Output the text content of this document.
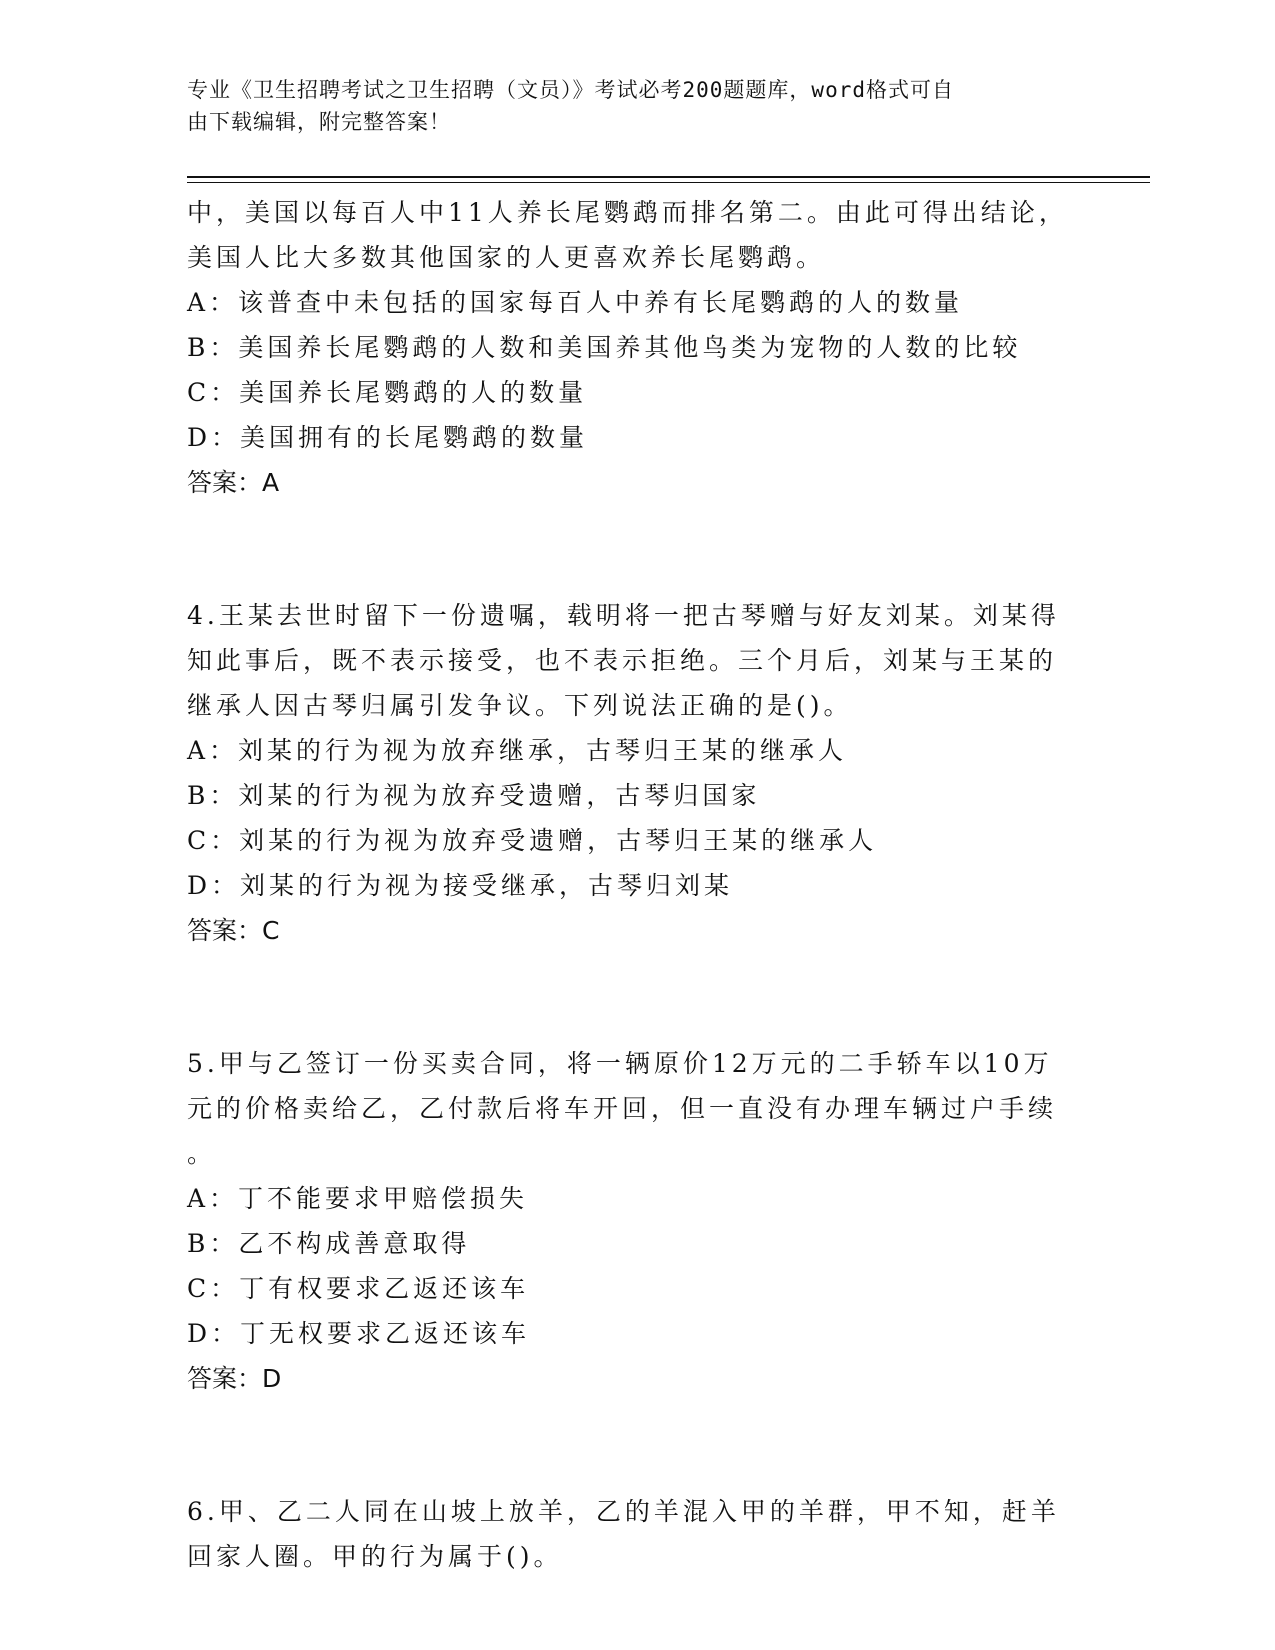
专业《卫生招聘考试之卫生招聘（文员）》考试必考200题题库，word格式可自
由下载编辑，附完整答案！
中，美国以每百人中11人养长尾鹦鹉而排名第二。由此可得出结论，
美国人比大多数其他国家的人更喜欢养长尾鹦鹉。
A：该普查中未包括的国家每百人中养有长尾鹦鹉的人的数量
B：美国养长尾鹦鹉的人数和美国养其他鸟类为宠物的人数的比较
C：美国养长尾鹦鹉的人的数量
D：美国拥有的长尾鹦鹉的数量
答案：A
4.王某去世时留下一份遗嘱，载明将一把古琴赠与好友刘某。刘某得
知此事后，既不表示接受，也不表示拒绝。三个月后，刘某与王某的
继承人因古琴归属引发争议。下列说法正确的是()。
A：刘某的行为视为放弃继承，古琴归王某的继承人
B：刘某的行为视为放弃受遗赠，古琴归国家
C：刘某的行为视为放弃受遗赠，古琴归王某的继承人
D：刘某的行为视为接受继承，古琴归刘某
答案：C
5.甲与乙签订一份买卖合同，将一辆原价12万元的二手轿车以10万
元的价格卖给乙，乙付款后将车开回，但一直没有办理车辆过户手续
。
A：丁不能要求甲赔偿损失
B：乙不构成善意取得
C：丁有权要求乙返还该车
D：丁无权要求乙返还该车
答案：D
6.甲、乙二人同在山坡上放羊，乙的羊混入甲的羊群，甲不知，赶羊
回家人圈。甲的行为属于()。
